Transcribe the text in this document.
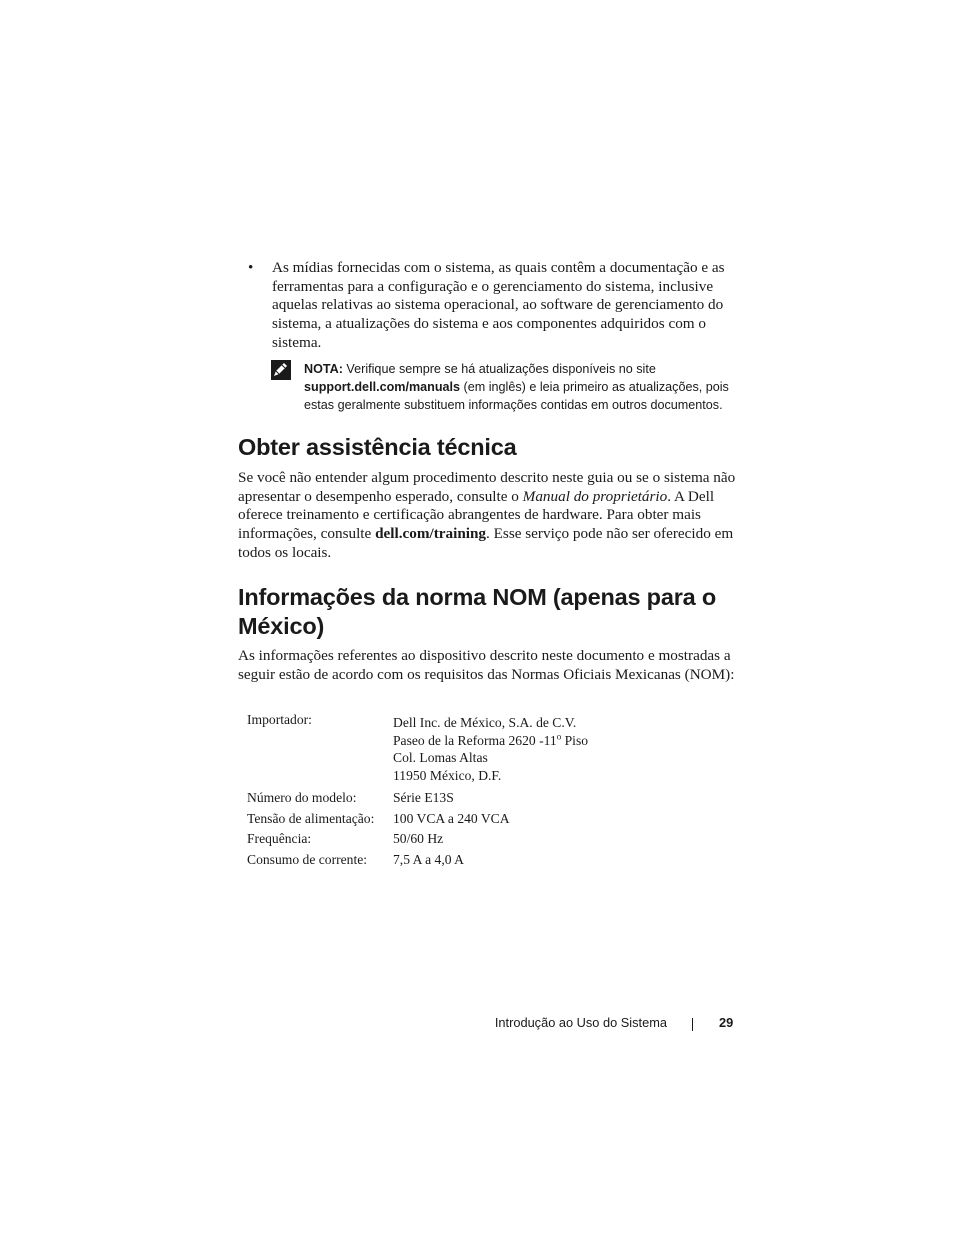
• As mídias fornecidas com o sistema, as quais contêm a documentação e as ferramentas para a configuração e o gerenciamento do sistema, inclusive aquelas relativas ao sistema operacional, ao software de gerenciamento do sistema, a atualizações do sistema e aos componentes adquiridos com o sistema.
NOTA: Verifique sempre se há atualizações disponíveis no site support.dell.com/manuals (em inglês) e leia primeiro as atualizações, pois estas geralmente substituem informações contidas em outros documentos.
Obter assistência técnica

Se você não entender algum procedimento descrito neste guia ou se o sistema não apresentar o desempenho esperado, consulte o Manual do proprietário. A Dell oferece treinamento e certificação abrangentes de hardware. Para obter mais informações, consulte dell.com/training. Esse serviço pode não ser oferecido em todos os locais.

Informações da norma NOM (apenas para o México)

As informações referentes ao dispositivo descrito neste documento e mostradas a seguir estão de acordo com os requisitos das Normas Oficiais Mexicanas (NOM):

Importador:	Dell Inc. de México, S.A. de C.V.
Paseo de la Reforma 2620 -11$^o$ Piso
Col. Lomas Altas
11950 México, D.F.

Número do modelo:	Série E13S
Tensão de alimentação:	100 VCA a 240 VCA
Frequência:	50/60 Hz
Consumo de corrente:	7,5 A a 4,0 A
Introdução ao Uso do Sistema	29
